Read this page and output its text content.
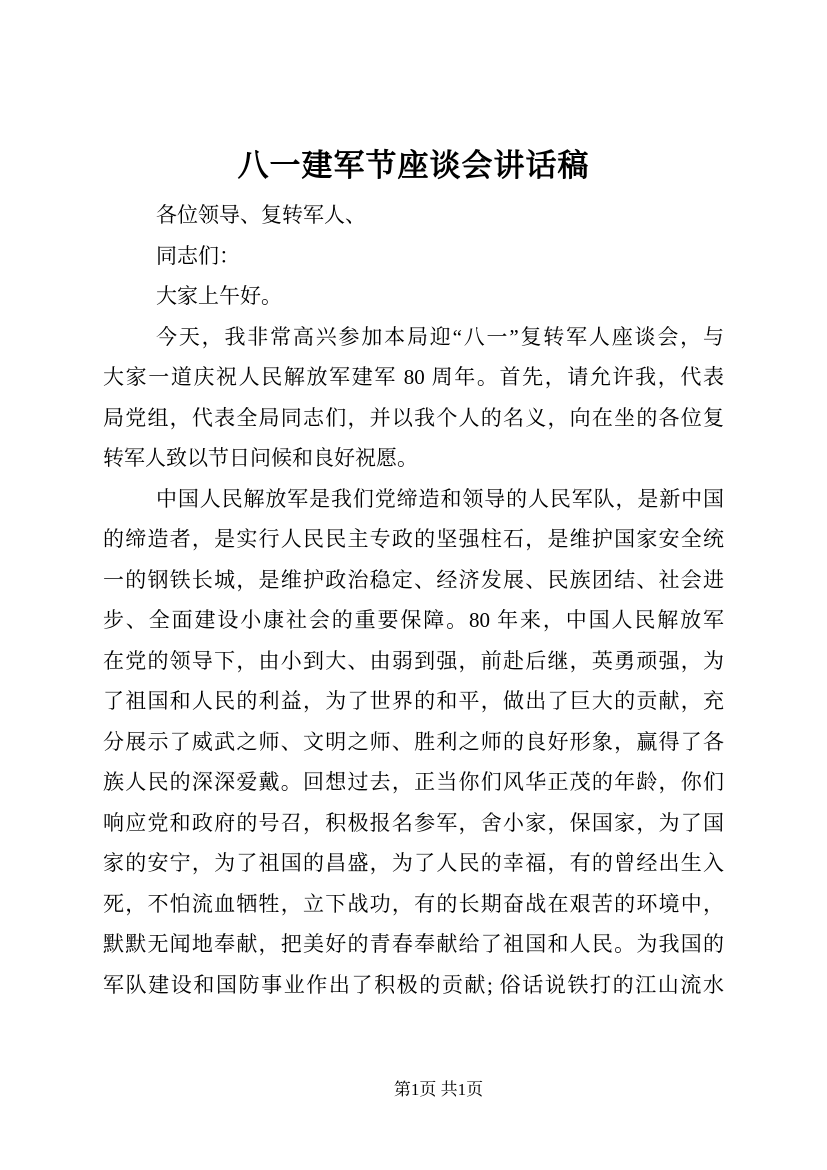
八一建军节座谈会讲话稿
各位领导、复转军人、
同志们：
大家上午好。
今天，我非常高兴参加本局迎“八一”复转军人座谈会，与
大家一道庆祝人民解放军建军 80 周年。首先，请允许我，代表
局党组，代表全局同志们，并以我个人的名义，向在坐的各位复
转军人致以节日问候和良好祝愿。
中国人民解放军是我们党缔造和领导的人民军队，是新中国
的缔造者，是实行人民民主专政的坚强柱石，是维护国家安全统
一的钢铁长城，是维护政治稳定、经济发展、民族团结、社会进
步、全面建设小康社会的重要保障。80 年来，中国人民解放军
在党的领导下，由小到大、由弱到强，前赴后继，英勇顽强，为
了祖国和人民的利益，为了世界的和平，做出了巨大的贡献，充
分展示了威武之师、文明之师、胜利之师的良好形象，赢得了各
族人民的深深爱戴。回想过去，正当你们风华正茂的年龄，你们
响应党和政府的号召，积极报名参军，舍小家，保国家，为了国
家的安宁，为了祖国的昌盛，为了人民的幸福，有的曾经出生入
死，不怕流血牺牲，立下战功，有的长期奋战在艰苦的环境中，
默默无闻地奉献，把美好的青春奉献给了祖国和人民。为我国的
军队建设和国防事业作出了积极的贡献; 俗话说铁打的江山流水
第1页 共1页
